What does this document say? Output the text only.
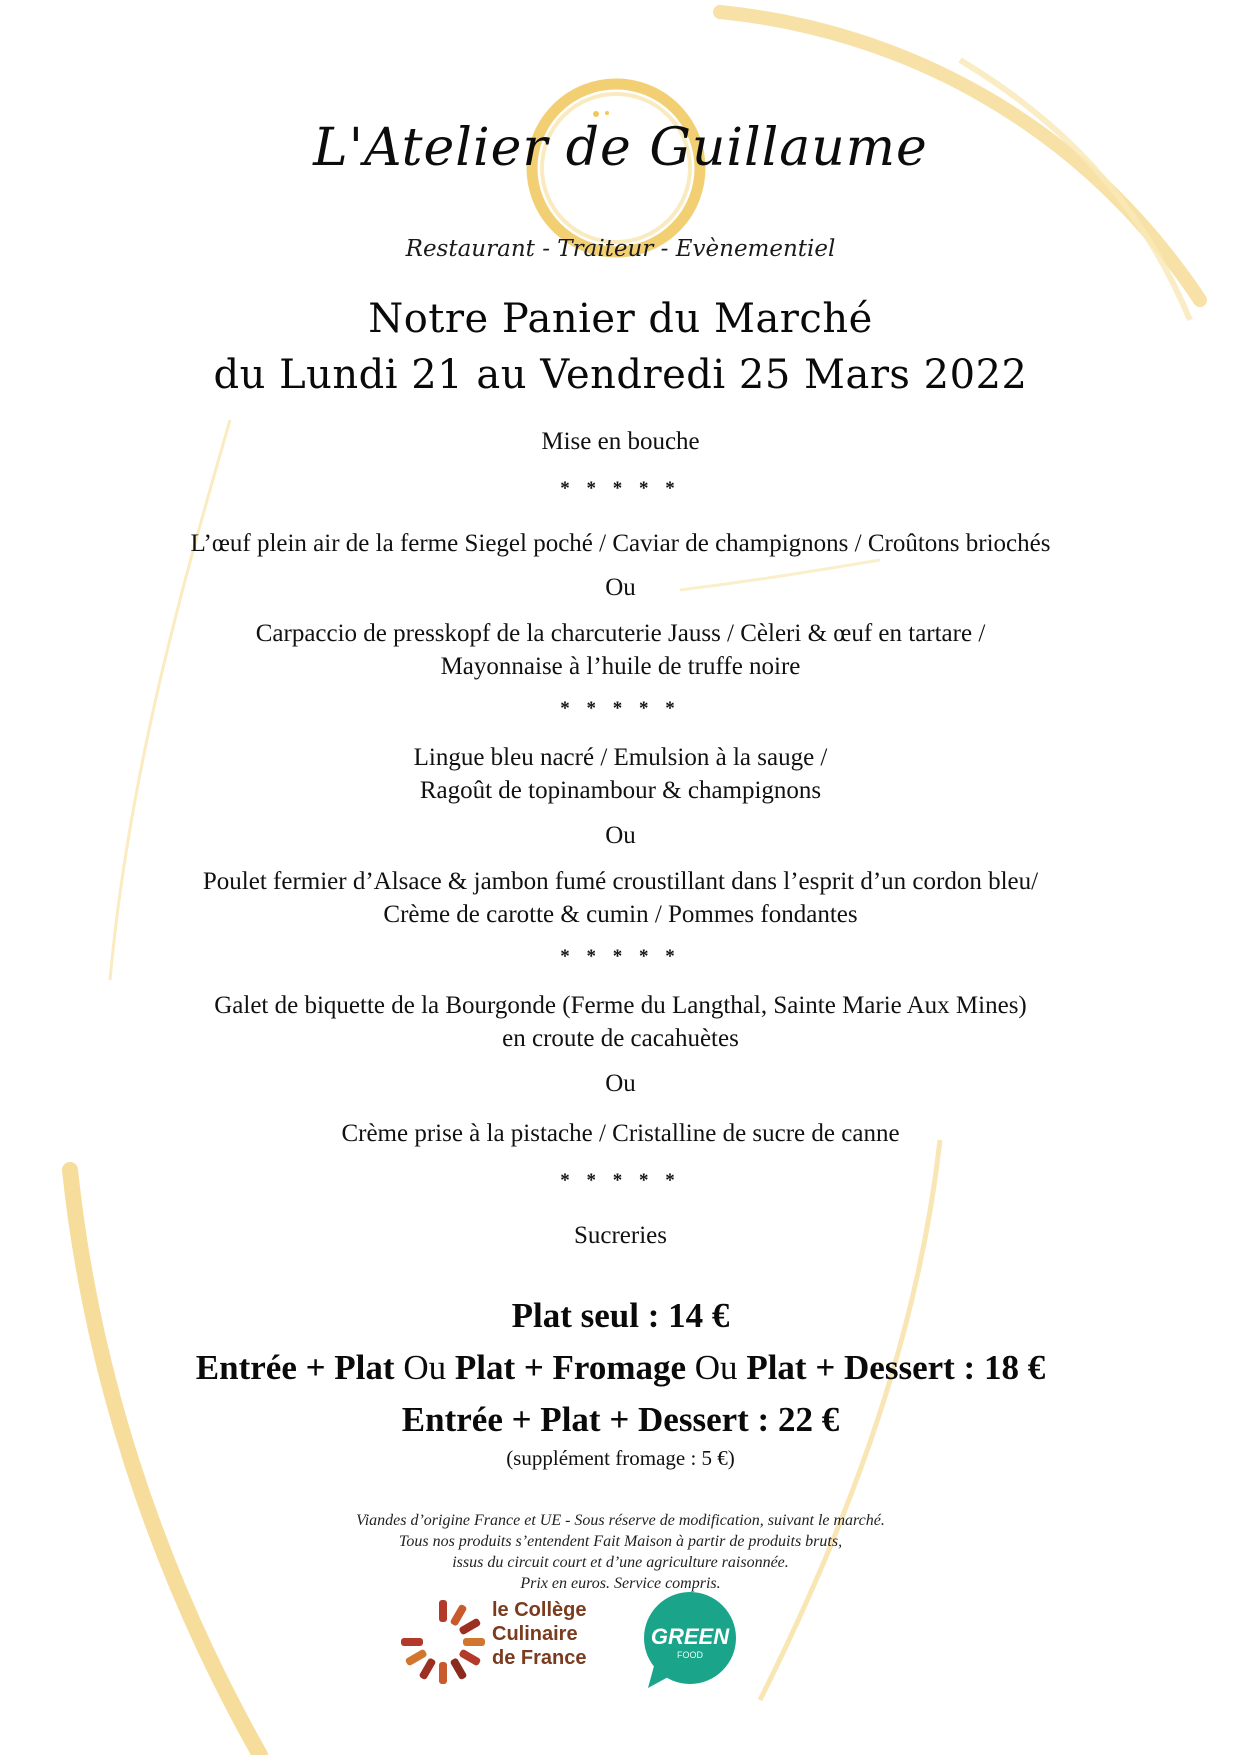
L'Atelier de Guillaume
Restaurant - Traiteur - Evènementiel
Notre Panier du Marché
du Lundi 21 au Vendredi 25 Mars 2022
Mise en bouche
* * * * *
L’œuf plein air de la ferme Siegel poché / Caviar de champignons / Croûtons briochés
Ou
Carpaccio de presskopf de la charcuterie Jauss / Cèleri & œuf en tartare /
Mayonnaise à l’huile de truffe noire
* * * * *
Lingue bleu nacré / Emulsion à la sauge /
Ragoût de topinambour & champignons
Ou
Poulet fermier d’Alsace & jambon fumé croustillant dans l’esprit d’un cordon bleu/
Crème de carotte & cumin / Pommes fondantes
* * * * *
Galet de biquette de la Bourgonde (Ferme du Langthal, Sainte Marie Aux Mines)
en croute de cacahuètes
Ou
Crème prise à la pistache / Cristalline de sucre de canne
* * * * *
Sucreries
Plat seul : 14 €
Entrée + Plat Ou Plat + Fromage Ou Plat + Dessert : 18 €
Entrée + Plat + Dessert : 22 €
(supplément fromage : 5 €)
Viandes d’origine France et UE - Sous réserve de modification, suivant le marché.
Tous nos produits s’entendent Fait Maison à partir de produits bruts,
issus du circuit court et d’une agriculture raisonnée.
Prix en euros. Service compris.
le Collège
Culinaire
de France
GREEN
FOOD
